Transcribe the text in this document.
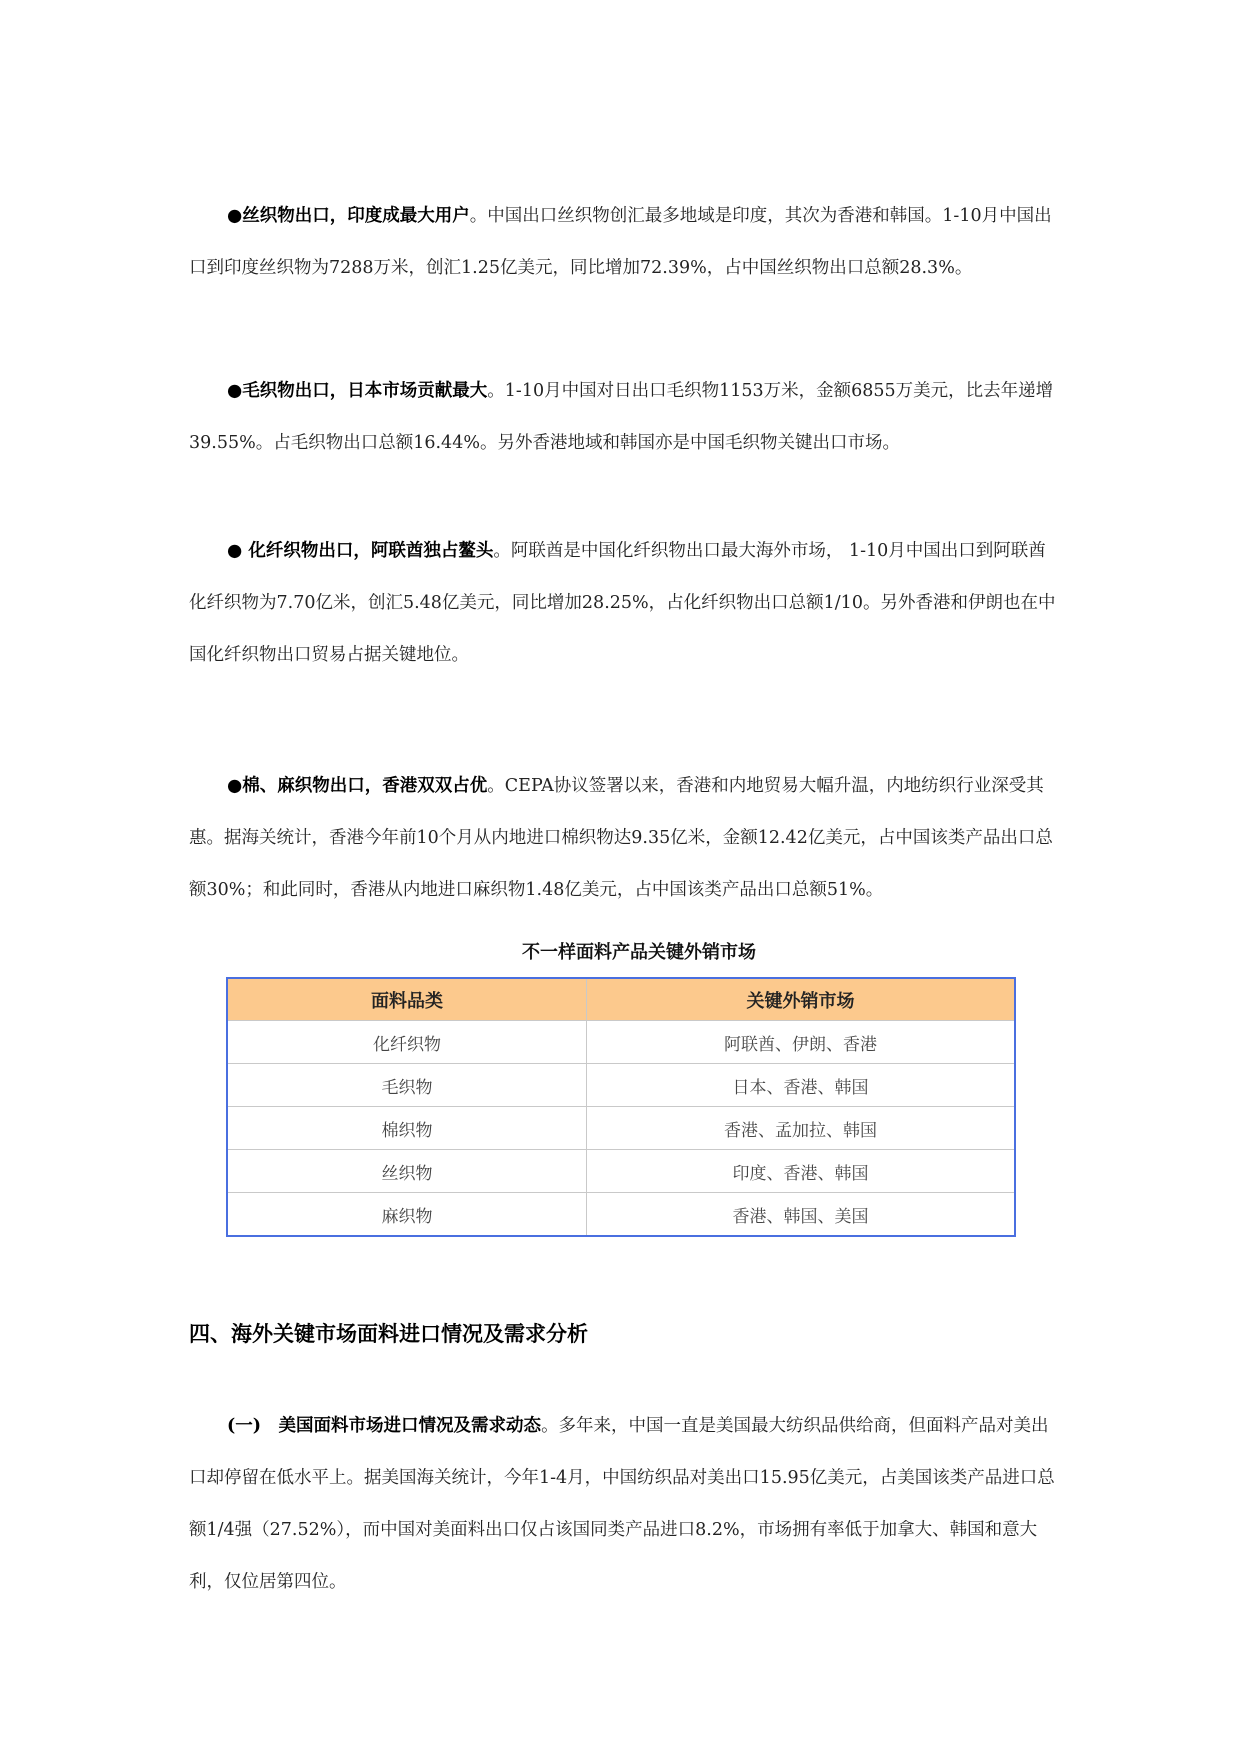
●丝织物出口，印度成最大用户。中国出口丝织物创汇最多地域是印度，其次为香港和韩国。1-10月中国出口到印度丝织物为7288万米，创汇1.25亿美元，同比增加72.39%，占中国丝织物出口总额28.3%。

●毛织物出口，日本市场贡献最大。1-10月中国对日出口毛织物1153万米，金额6855万美元，比去年递增39.55%。占毛织物出口总额16.44%。另外香港地域和韩国亦是中国毛织物关键出口市场。

● 化纤织物出口，阿联酋独占鳌头。阿联酋是中国化纤织物出口最大海外市场， 1-10月中国出口到阿联酋化纤织物为7.70亿米，创汇5.48亿美元，同比增加28.25%，占化纤织物出口总额1/10。另外香港和伊朗也在中国化纤织物出口贸易占据关键地位。

●棉、麻织物出口，香港双双占优。CEPA协议签署以来，香港和内地贸易大幅升温，内地纺织行业深受其惠。据海关统计，香港今年前10个月从内地进口棉织物达9.35亿米，金额12.42亿美元，占中国该类产品出口总额30%；和此同时，香港从内地进口麻织物1.48亿美元，占中国该类产品出口总额51%。

不一样面料产品关键外销市场
面料品类	关键外销市场
化纤织物	阿联酋、伊朗、香港
毛织物	日本、香港、韩国
棉织物	香港、孟加拉、韩国
丝织物	印度、香港、韩国
麻织物	香港、韩国、美国
四、海外关键市场面料进口情况及需求分析

(一)　美国面料市场进口情况及需求动态。多年来，中国一直是美国最大纺织品供给商，但面料产品对美出口却停留在低水平上。据美国海关统计，今年1-4月，中国纺织品对美出口15.95亿美元，占美国该类产品进口总额1/4强（27.52%），而中国对美面料出口仅占该国同类产品进口8.2%，市场拥有率低于加拿大、韩国和意大利，仅位居第四位。
